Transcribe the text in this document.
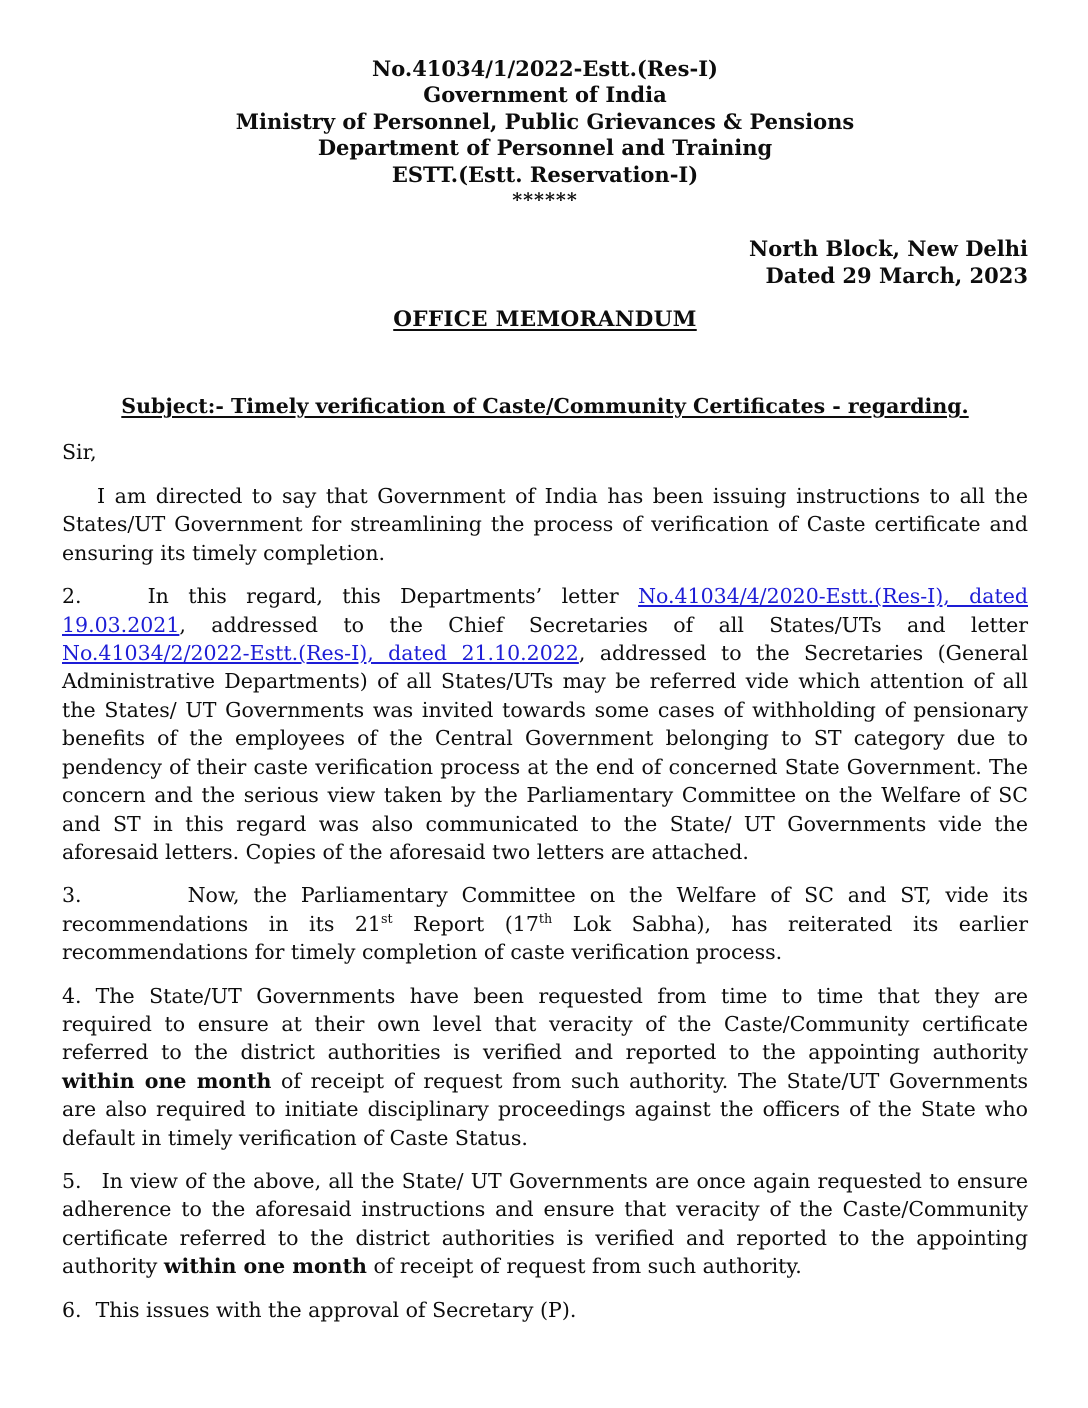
No.41034/1/2022-Estt.(Res-I)
Government of India
Ministry of Personnel, Public Grievances & Pensions
Department of Personnel and Training
ESTT.(Estt. Reservation-I)
******
North Block, New Delhi
Dated 29 March, 2023
OFFICE MEMORANDUM
Subject:- Timely verification of Caste/Community Certificates - regarding.
Sir,

I am directed to say that Government of India has been issuing instructions to all the States/UT Government for streamlining the process of verification of Caste certificate and ensuring its timely completion.

2.	In this regard, this Departments’ letter No.41034/4/2020-Estt.(Res-I), dated 19.03.2021, addressed to the Chief Secretaries of all States/UTs and letter No.41034/2/2022-Estt.(Res-I), dated 21.10.2022, addressed to the Secretaries (General Administrative Departments) of all States/UTs may be referred vide which attention of all the States/ UT Governments was invited towards some cases of withholding of pensionary benefits of the employees of the Central Government belonging to ST category due to pendency of their caste verification process at the end of concerned State Government. The concern and the serious view taken by the Parliamentary Committee on the Welfare of SC and ST in this regard was also communicated to the State/ UT Governments vide the aforesaid letters. Copies of the aforesaid two letters are attached.

3.	Now, the Parliamentary Committee on the Welfare of SC and ST, vide its recommendations in its 21st Report (17th Lok Sabha), has reiterated its earlier recommendations for timely completion of caste verification process.

4. The State/UT Governments have been requested from time to time that they are required to ensure at their own level that veracity of the Caste/Community certificate referred to the district authorities is verified and reported to the appointing authority within one month of receipt of request from such authority. The State/UT Governments are also required to initiate disciplinary proceedings against the officers of the State who default in timely verification of Caste Status.

5. In view of the above, all the State/ UT Governments are once again requested to ensure adherence to the aforesaid instructions and ensure that veracity of the Caste/Community certificate referred to the district authorities is verified and reported to the appointing authority within one month of receipt of request from such authority.

6. This issues with the approval of Secretary (P).
